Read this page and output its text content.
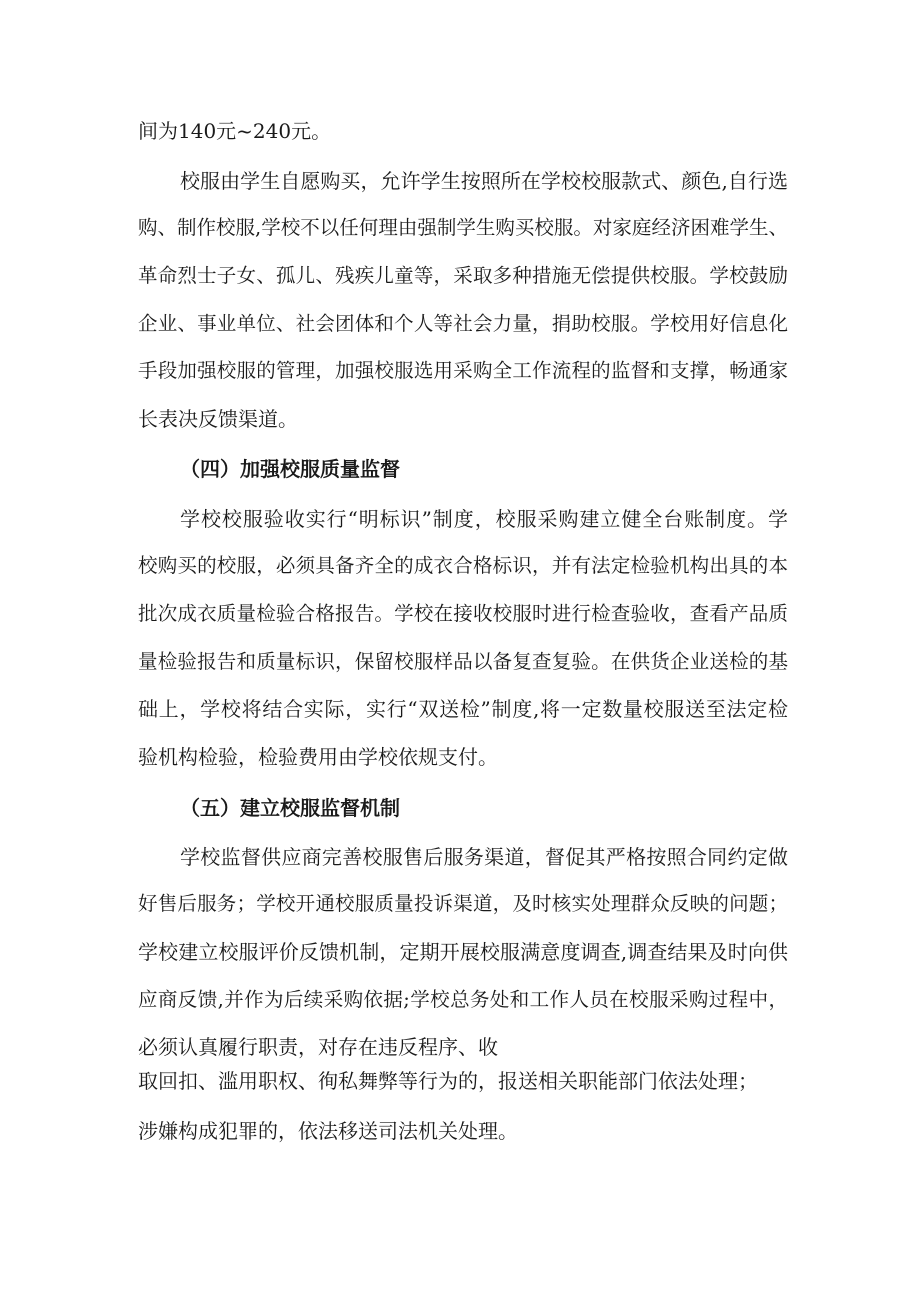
间为140元~240元。
校服由学生自愿购买，允许学生按照所在学校校服款式、颜色,自行选
购、制作校服,学校不以任何理由强制学生购买校服。对家庭经济困难学生、
革命烈士子女、孤儿、残疾儿童等，采取多种措施无偿提供校服。学校鼓励
企业、事业单位、社会团体和个人等社会力量，捐助校服。学校用好信息化
手段加强校服的管理，加强校服选用采购全工作流程的监督和支撑，畅通家
长表决反馈渠道。
（四）加强校服质量监督
学校校服验收实行“明标识”制度，校服采购建立健全台账制度。学
校购买的校服，必须具备齐全的成衣合格标识，并有法定检验机构出具的本
批次成衣质量检验合格报告。学校在接收校服时进行检查验收，查看产品质
量检验报告和质量标识，保留校服样品以备复查复验。在供货企业送检的基
础上，学校将结合实际，实行“双送检”制度,将一定数量校服送至法定检
验机构检验，检验费用由学校依规支付。
（五）建立校服监督机制
学校监督供应商完善校服售后服务渠道，督促其严格按照合同约定做
好售后服务；学校开通校服质量投诉渠道，及时核实处理群众反映的问题；
学校建立校服评价反馈机制，定期开展校服满意度调查,调查结果及时向供
应商反馈,并作为后续采购依据;学校总务处和工作人员在校服采购过程中，
必须认真履行职责，对存在违反程序、收
取回扣、滥用职权、徇私舞弊等行为的，报送相关职能部门依法处理；
涉嫌构成犯罪的，依法移送司法机关处理。
